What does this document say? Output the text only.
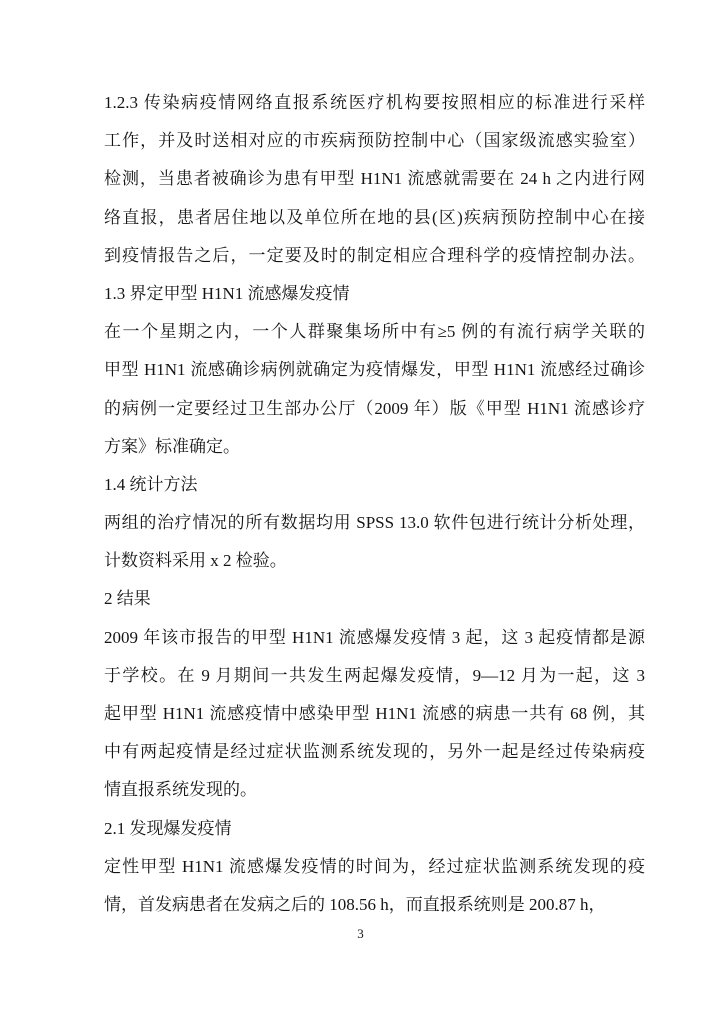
1.2.3 传染病疫情网络直报系统医疗机构要按照相应的标准进行采样
工作，并及时送相对应的市疾病预防控制中心（国家级流感实验室）
检测，当患者被确诊为患有甲型 H1N1 流感就需要在 24 h 之内进行网
络直报，患者居住地以及单位所在地的县(区)疾病预防控制中心在接
到疫情报告之后，一定要及时的制定相应合理科学的疫情控制办法。
1.3 界定甲型 H1N1 流感爆发疫情
在一个星期之内，一个人群聚集场所中有≥5 例的有流行病学关联的
甲型 H1N1 流感确诊病例就确定为疫情爆发，甲型 H1N1 流感经过确诊
的病例一定要经过卫生部办公厅（2009 年）版《甲型 H1N1 流感诊疗
方案》标准确定。
1.4 统计方法
两组的治疗情况的所有数据均用 SPSS 13.0 软件包进行统计分析处理，
计数资料采用 x 2 检验。
2 结果
2009 年该市报告的甲型 H1N1 流感爆发疫情 3 起，这 3 起疫情都是源
于学校。在 9 月期间一共发生两起爆发疫情，9—12 月为一起，这 3
起甲型 H1N1 流感疫情中感染甲型 H1N1 流感的病患一共有 68 例，其
中有两起疫情是经过症状监测系统发现的，另外一起是经过传染病疫
情直报系统发现的。
2.1 发现爆发疫情
定性甲型 H1N1 流感爆发疫情的时间为，经过症状监测系统发现的疫
情，首发病患者在发病之后的 108.56 h，而直报系统则是 200.87 h，
3
